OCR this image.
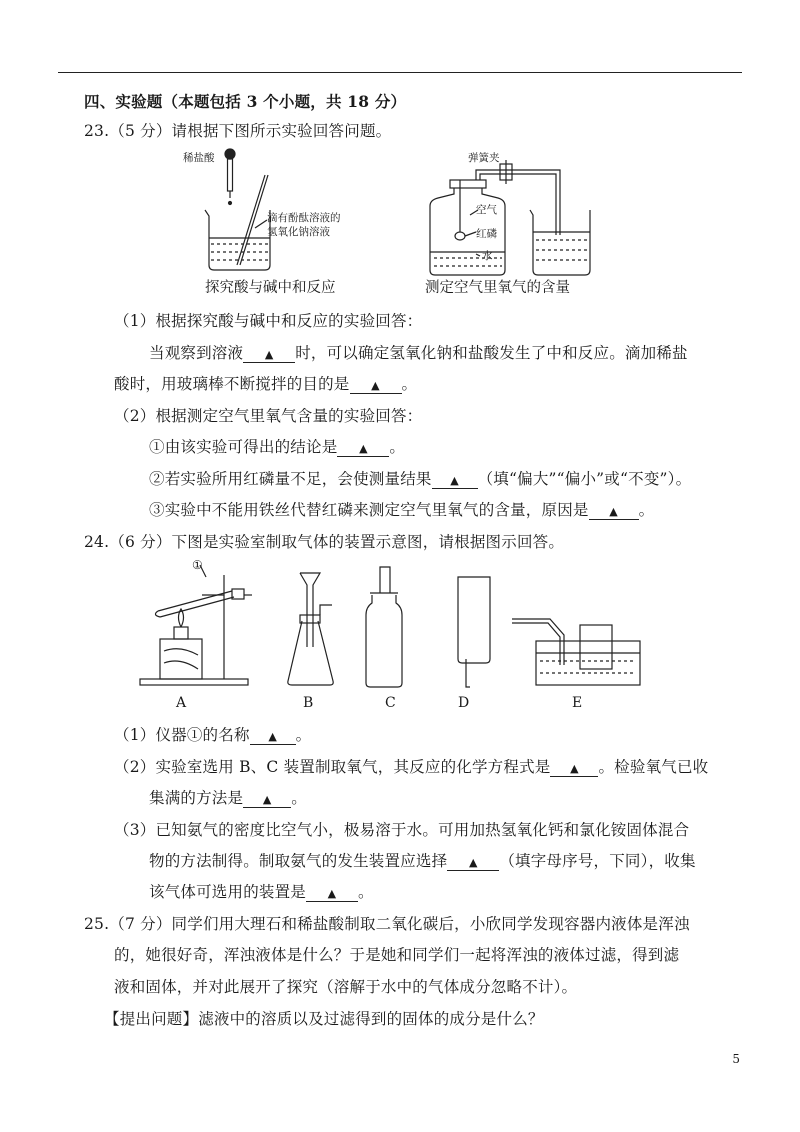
四、实验题（本题包括 3 个小题，共 18 分）
23.（5 分）请根据下图所示实验回答问题。
稀盐酸
滴有酚酞溶液的
氢氧化钠溶液
探究酸与碱中和反应
弹簧夹
空气
红磷
水
测定空气里氧气的含量
（1）根据探究酸与碱中和反应的实验回答：
当观察到溶液 ▲ 时，可以确定氢氧化钠和盐酸发生了中和反应。滴加稀盐
酸时，用玻璃棒不断搅拌的目的是 ▲ 。
（2）根据测定空气里氧气含量的实验回答：
①由该实验可得出的结论是 ▲ 。
②若实验所用红磷量不足，会使测量结果 ▲ （填“偏大”“偏小”或“不变”）。
③实验中不能用铁丝代替红磷来测定空气里氧气的含量，原因是 ▲ 。
24.（6 分）下图是实验室制取气体的装置示意图，请根据图示回答。
①
A	B	C	D	E
（1）仪器①的名称 ▲ 。
（2）实验室选用 B、C 装置制取氧气，其反应的化学方程式是 ▲ 。检验氧气已收
集满的方法是 ▲ 。
（3）已知氨气的密度比空气小，极易溶于水。可用加热氢氧化钙和氯化铵固体混合
物的方法制得。制取氨气的发生装置应选择 ▲ （填字母序号，下同），收集
该气体可选用的装置是 ▲ 。
25.（7 分）同学们用大理石和稀盐酸制取二氧化碳后，小欣同学发现容器内液体是浑浊
的，她很好奇，浑浊液体是什么？于是她和同学们一起将浑浊的液体过滤，得到滤
液和固体，并对此展开了探究（溶解于水中的气体成分忽略不计）。
【提出问题】滤液中的溶质以及过滤得到的固体的成分是什么？
5
